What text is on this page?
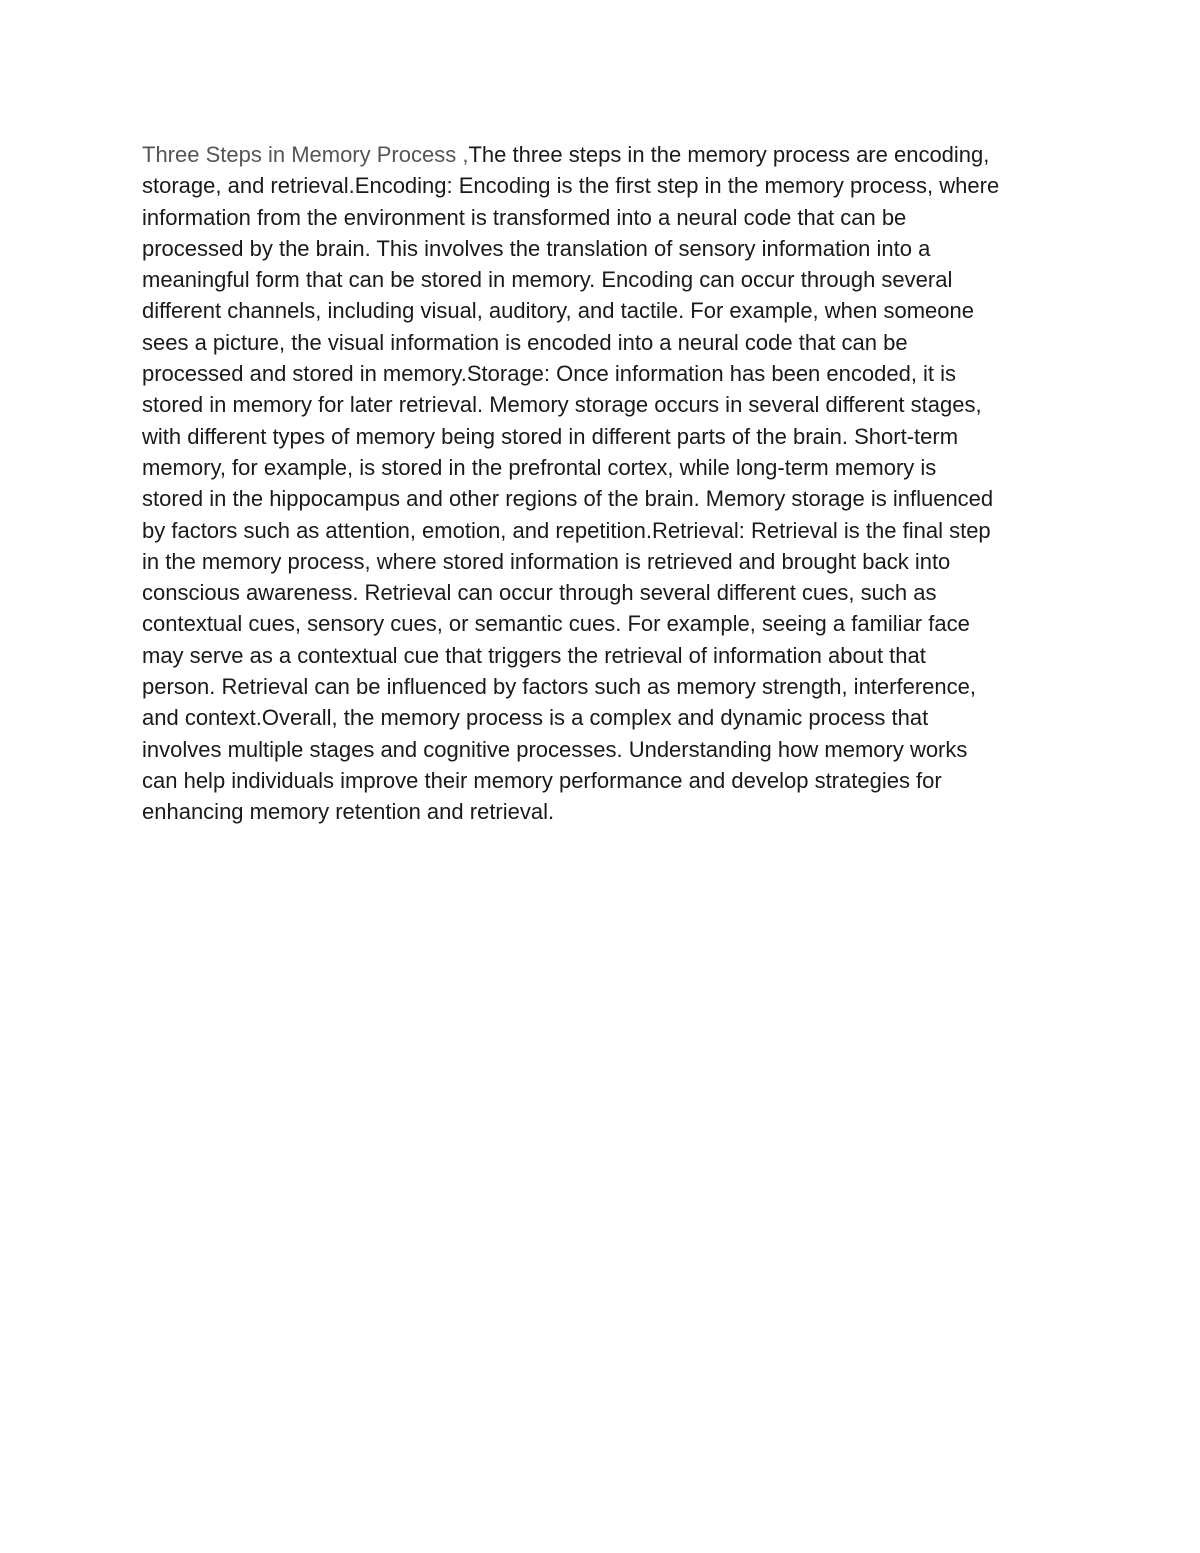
Three Steps in Memory Process ,The three steps in the memory process are encoding,
storage, and retrieval.Encoding: Encoding is the first step in the memory process, where
information from the environment is transformed into a neural code that can be
processed by the brain. This involves the translation of sensory information into a
meaningful form that can be stored in memory. Encoding can occur through several
different channels, including visual, auditory, and tactile. For example, when someone
sees a picture, the visual information is encoded into a neural code that can be
processed and stored in memory.Storage: Once information has been encoded, it is
stored in memory for later retrieval. Memory storage occurs in several different stages,
with different types of memory being stored in different parts of the brain. Short-term
memory, for example, is stored in the prefrontal cortex, while long-term memory is
stored in the hippocampus and other regions of the brain. Memory storage is influenced
by factors such as attention, emotion, and repetition.Retrieval: Retrieval is the final step
in the memory process, where stored information is retrieved and brought back into
conscious awareness. Retrieval can occur through several different cues, such as
contextual cues, sensory cues, or semantic cues. For example, seeing a familiar face
may serve as a contextual cue that triggers the retrieval of information about that
person. Retrieval can be influenced by factors such as memory strength, interference,
and context.Overall, the memory process is a complex and dynamic process that
involves multiple stages and cognitive processes. Understanding how memory works
can help individuals improve their memory performance and develop strategies for
enhancing memory retention and retrieval.
